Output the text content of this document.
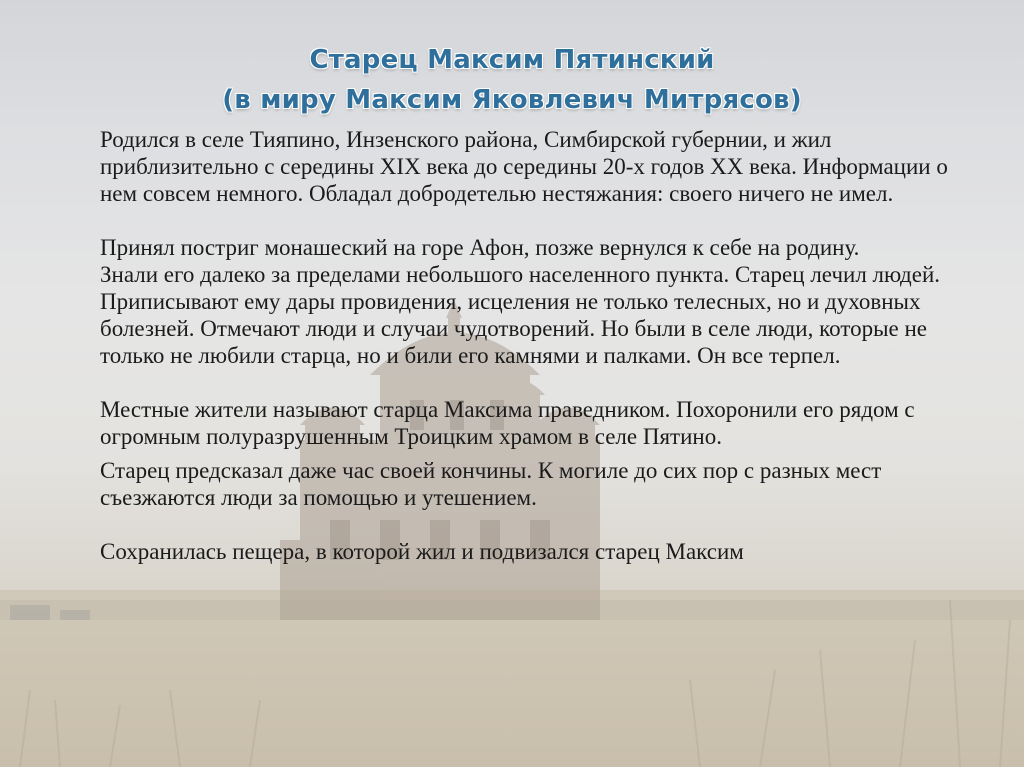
Старец Максим Пятинский
(в миру Максим Яковлевич Митрясов)

Родился в селе Тияпино, Инзенского района, Симбирской губернии, и жил приблизительно с середины XIX века до середины 20-х годов XX века. Информации о нем совсем немного. Обладал добродетелью нестяжания: своего ничего не имел.

Принял постриг монашеский на горе Афон, позже вернулся к себе на родину.

Знали его далеко за пределами небольшого населенного пункта. Старец лечил людей. Приписывают ему дары провидения, исцеления не только телесных, но и духовных болезней. Отмечают люди и случаи чудотворений. Но были в селе люди, которые не только не любили старца, но и били его камнями и палками. Он все терпел.

Местные жители называют старца Максима праведником. Похоронили его рядом с огромным полуразрушенным Троицким храмом в селе Пятино.

Старец предсказал даже час своей кончины. К могиле до сих пор с разных мест съезжаются люди за помощью и утешением.

Сохранилась пещера, в которой жил и подвизался старец Максим
